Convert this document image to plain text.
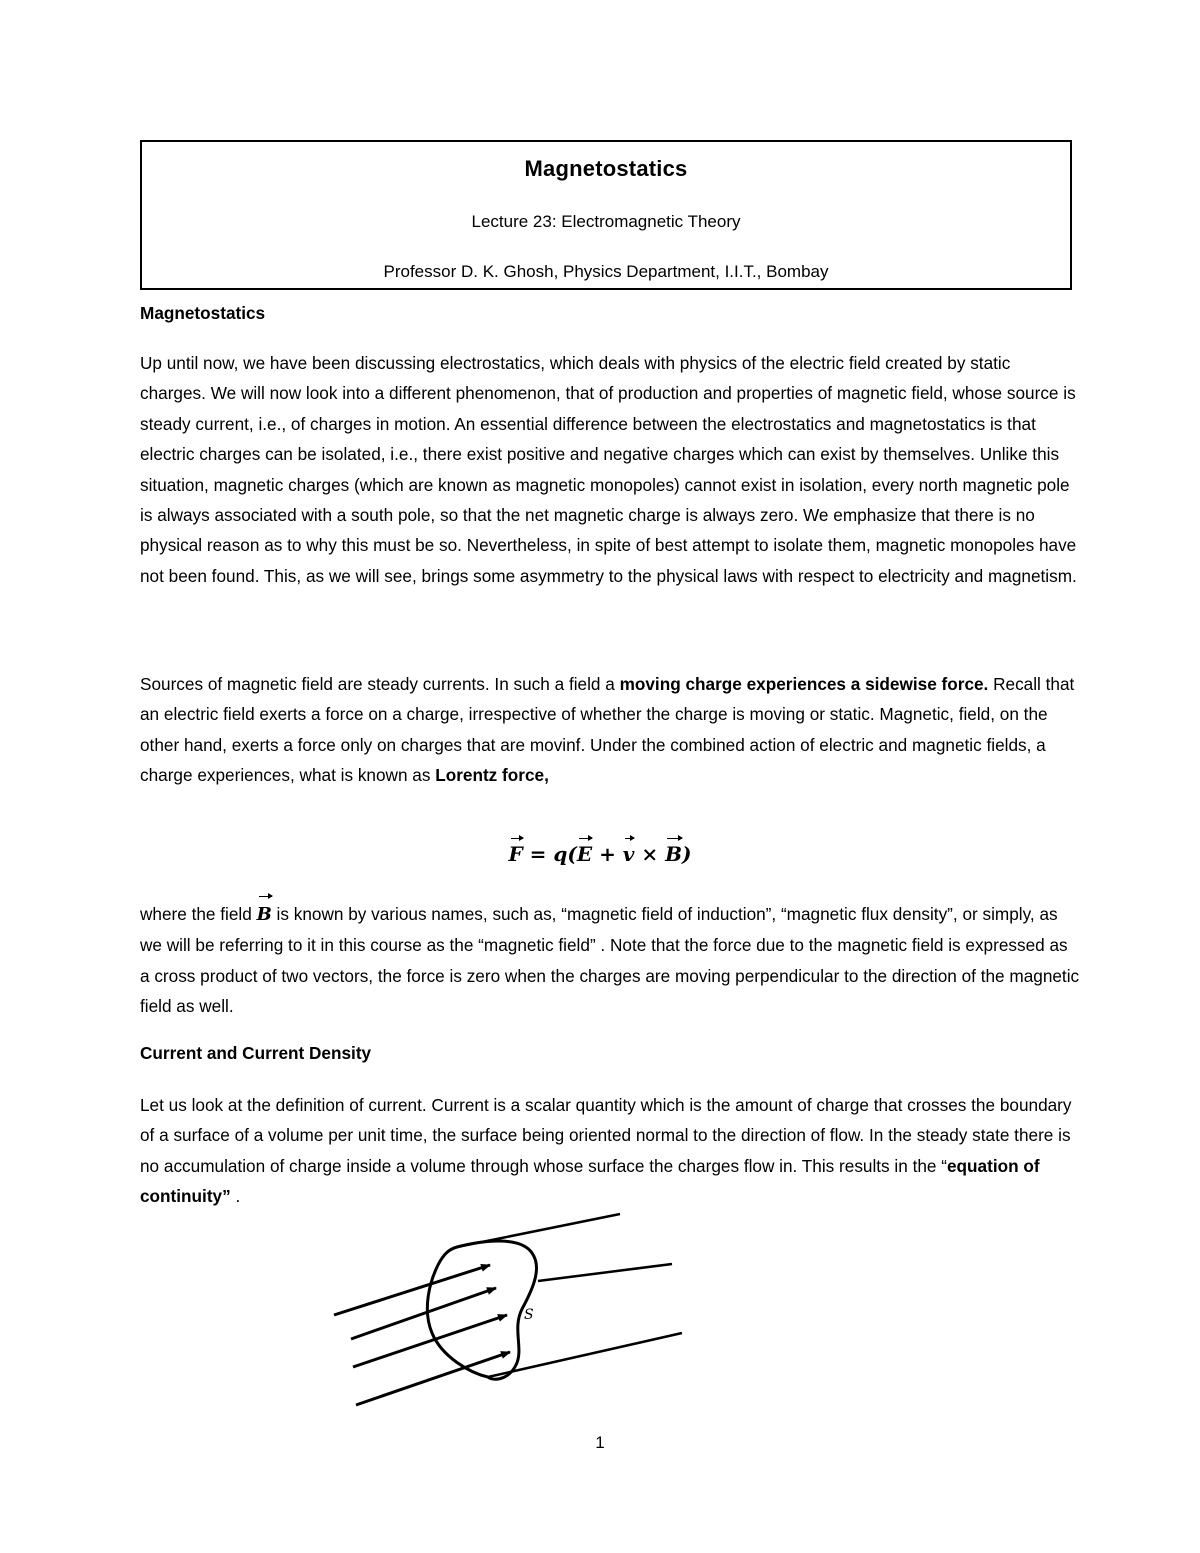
Magnetostatics
Lecture 23: Electromagnetic Theory
Professor D. K. Ghosh, Physics Department, I.I.T., Bombay
Magnetostatics
Up until now, we have been discussing electrostatics, which deals with physics of the electric field created by static charges. We will now look into a different phenomenon, that of production and properties of magnetic field, whose source is steady current, i.e., of charges in motion. An essential difference between the electrostatics and magnetostatics is that electric charges can be isolated, i.e., there exist positive and negative charges which can exist by themselves. Unlike this situation, magnetic charges (which are known as magnetic monopoles) cannot exist in isolation, every north magnetic pole is always associated with a south pole, so that the net magnetic charge is always zero. We emphasize that there is no physical reason as to why this must be so. Nevertheless, in spite of best attempt to isolate them, magnetic monopoles have not been found. This, as we will see, brings some asymmetry to the physical laws with respect to electricity and magnetism.
Sources of magnetic field are steady currents. In such a field a moving charge experiences a sidewise force. Recall that an electric field exerts a force on a charge, irrespective of whether the charge is moving or static. Magnetic, field, on the other hand, exerts a force only on charges that are movinf. Under the combined action of electric and magnetic fields, a charge experiences, what is known as Lorentz force,
F = q(E + v × B)
where the field B is known by various names, such as, “magnetic field of induction”, “magnetic flux density”, or simply, as we will be referring to it in this course as the “magnetic field” . Note that the force due to the magnetic field is expressed as a cross product of two vectors, the force is zero when the charges are moving perpendicular to the direction of the magnetic field as well.
Current and Current Density
Let us look at the definition of current. Current is a scalar quantity which is the amount of charge that crosses the boundary of a surface of a volume per unit time, the surface being oriented normal to the direction of flow. In the steady state there is no accumulation of charge inside a volume through whose surface the charges flow in. This results in the “equation of continuity” .
S
1
